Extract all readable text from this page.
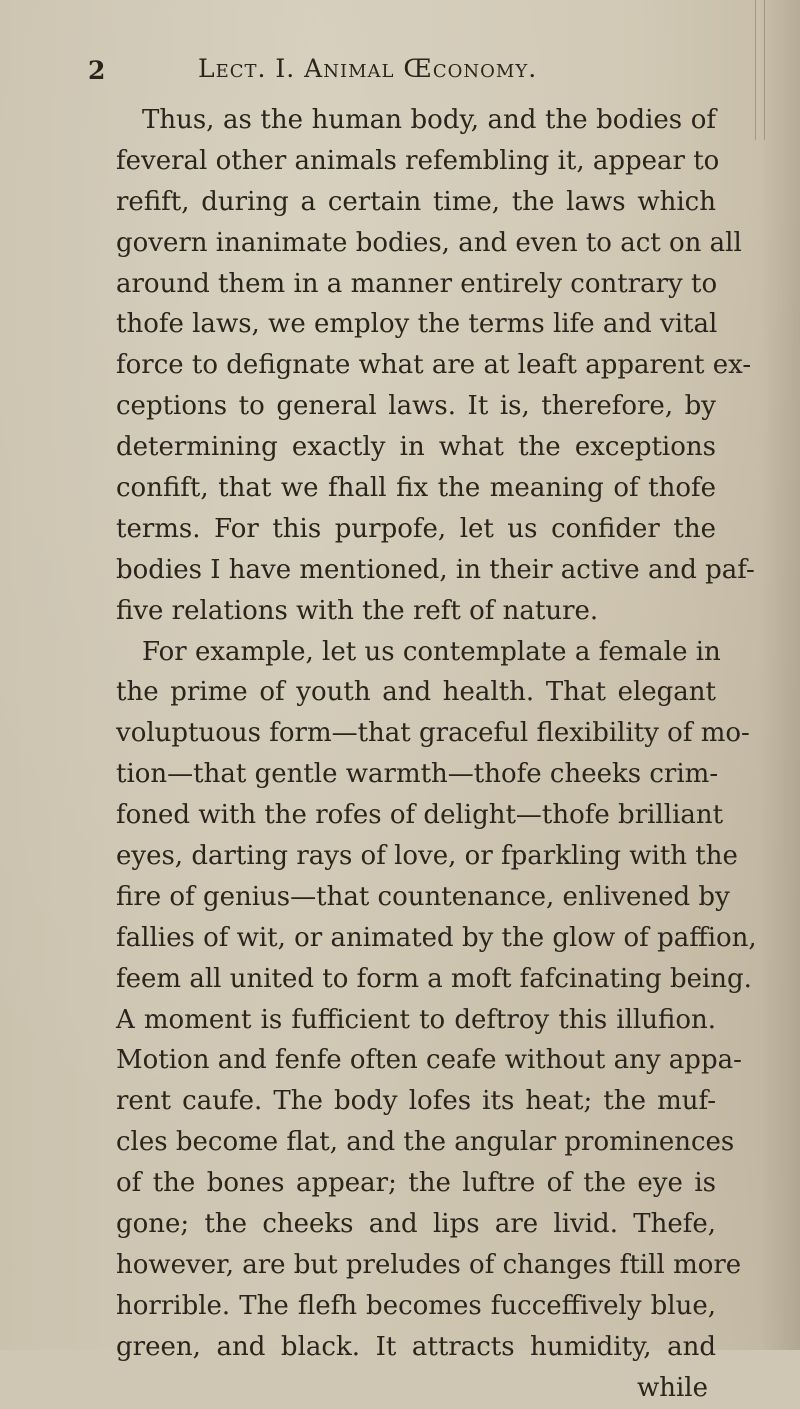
2	Lect. I. Animal Œconomy.
Thus, as the human body, and the bodies of
feveral other animals refembling it, appear to
refift, during a certain time, the laws which
govern inanimate bodies, and even to act on all
around them in a manner entirely contrary to
thofe laws, we employ the terms life and vital
force to defignate what are at leaft apparent ex-
ceptions to general laws. It is, therefore, by
determining exactly in what the exceptions
confift, that we fhall fix the meaning of thofe
terms. For this purpofe, let us confider the
bodies I have mentioned, in their active and paf-
five relations with the reft of nature.
For example, let us contemplate a female in
the prime of youth and health. That elegant
voluptuous form—that graceful flexibility of mo-
tion—that gentle warmth—thofe cheeks crim-
foned with the rofes of delight—thofe brilliant
eyes, darting rays of love, or fparkling with the
fire of genius—that countenance, enlivened by
fallies of wit, or animated by the glow of paffion,
feem all united to form a moft fafcinating being.
A moment is fufficient to deftroy this illufion.
Motion and fenfe often ceafe without any appa-
rent caufe. The body lofes its heat; the muf-
cles become flat, and the angular prominences
of the bones appear; the luftre of the eye is
gone; the cheeks and lips are livid. Thefe,
however, are but preludes of changes ftill more
horrible. The flefh becomes fucceffively blue,
green, and black. It attracts humidity, and
while
